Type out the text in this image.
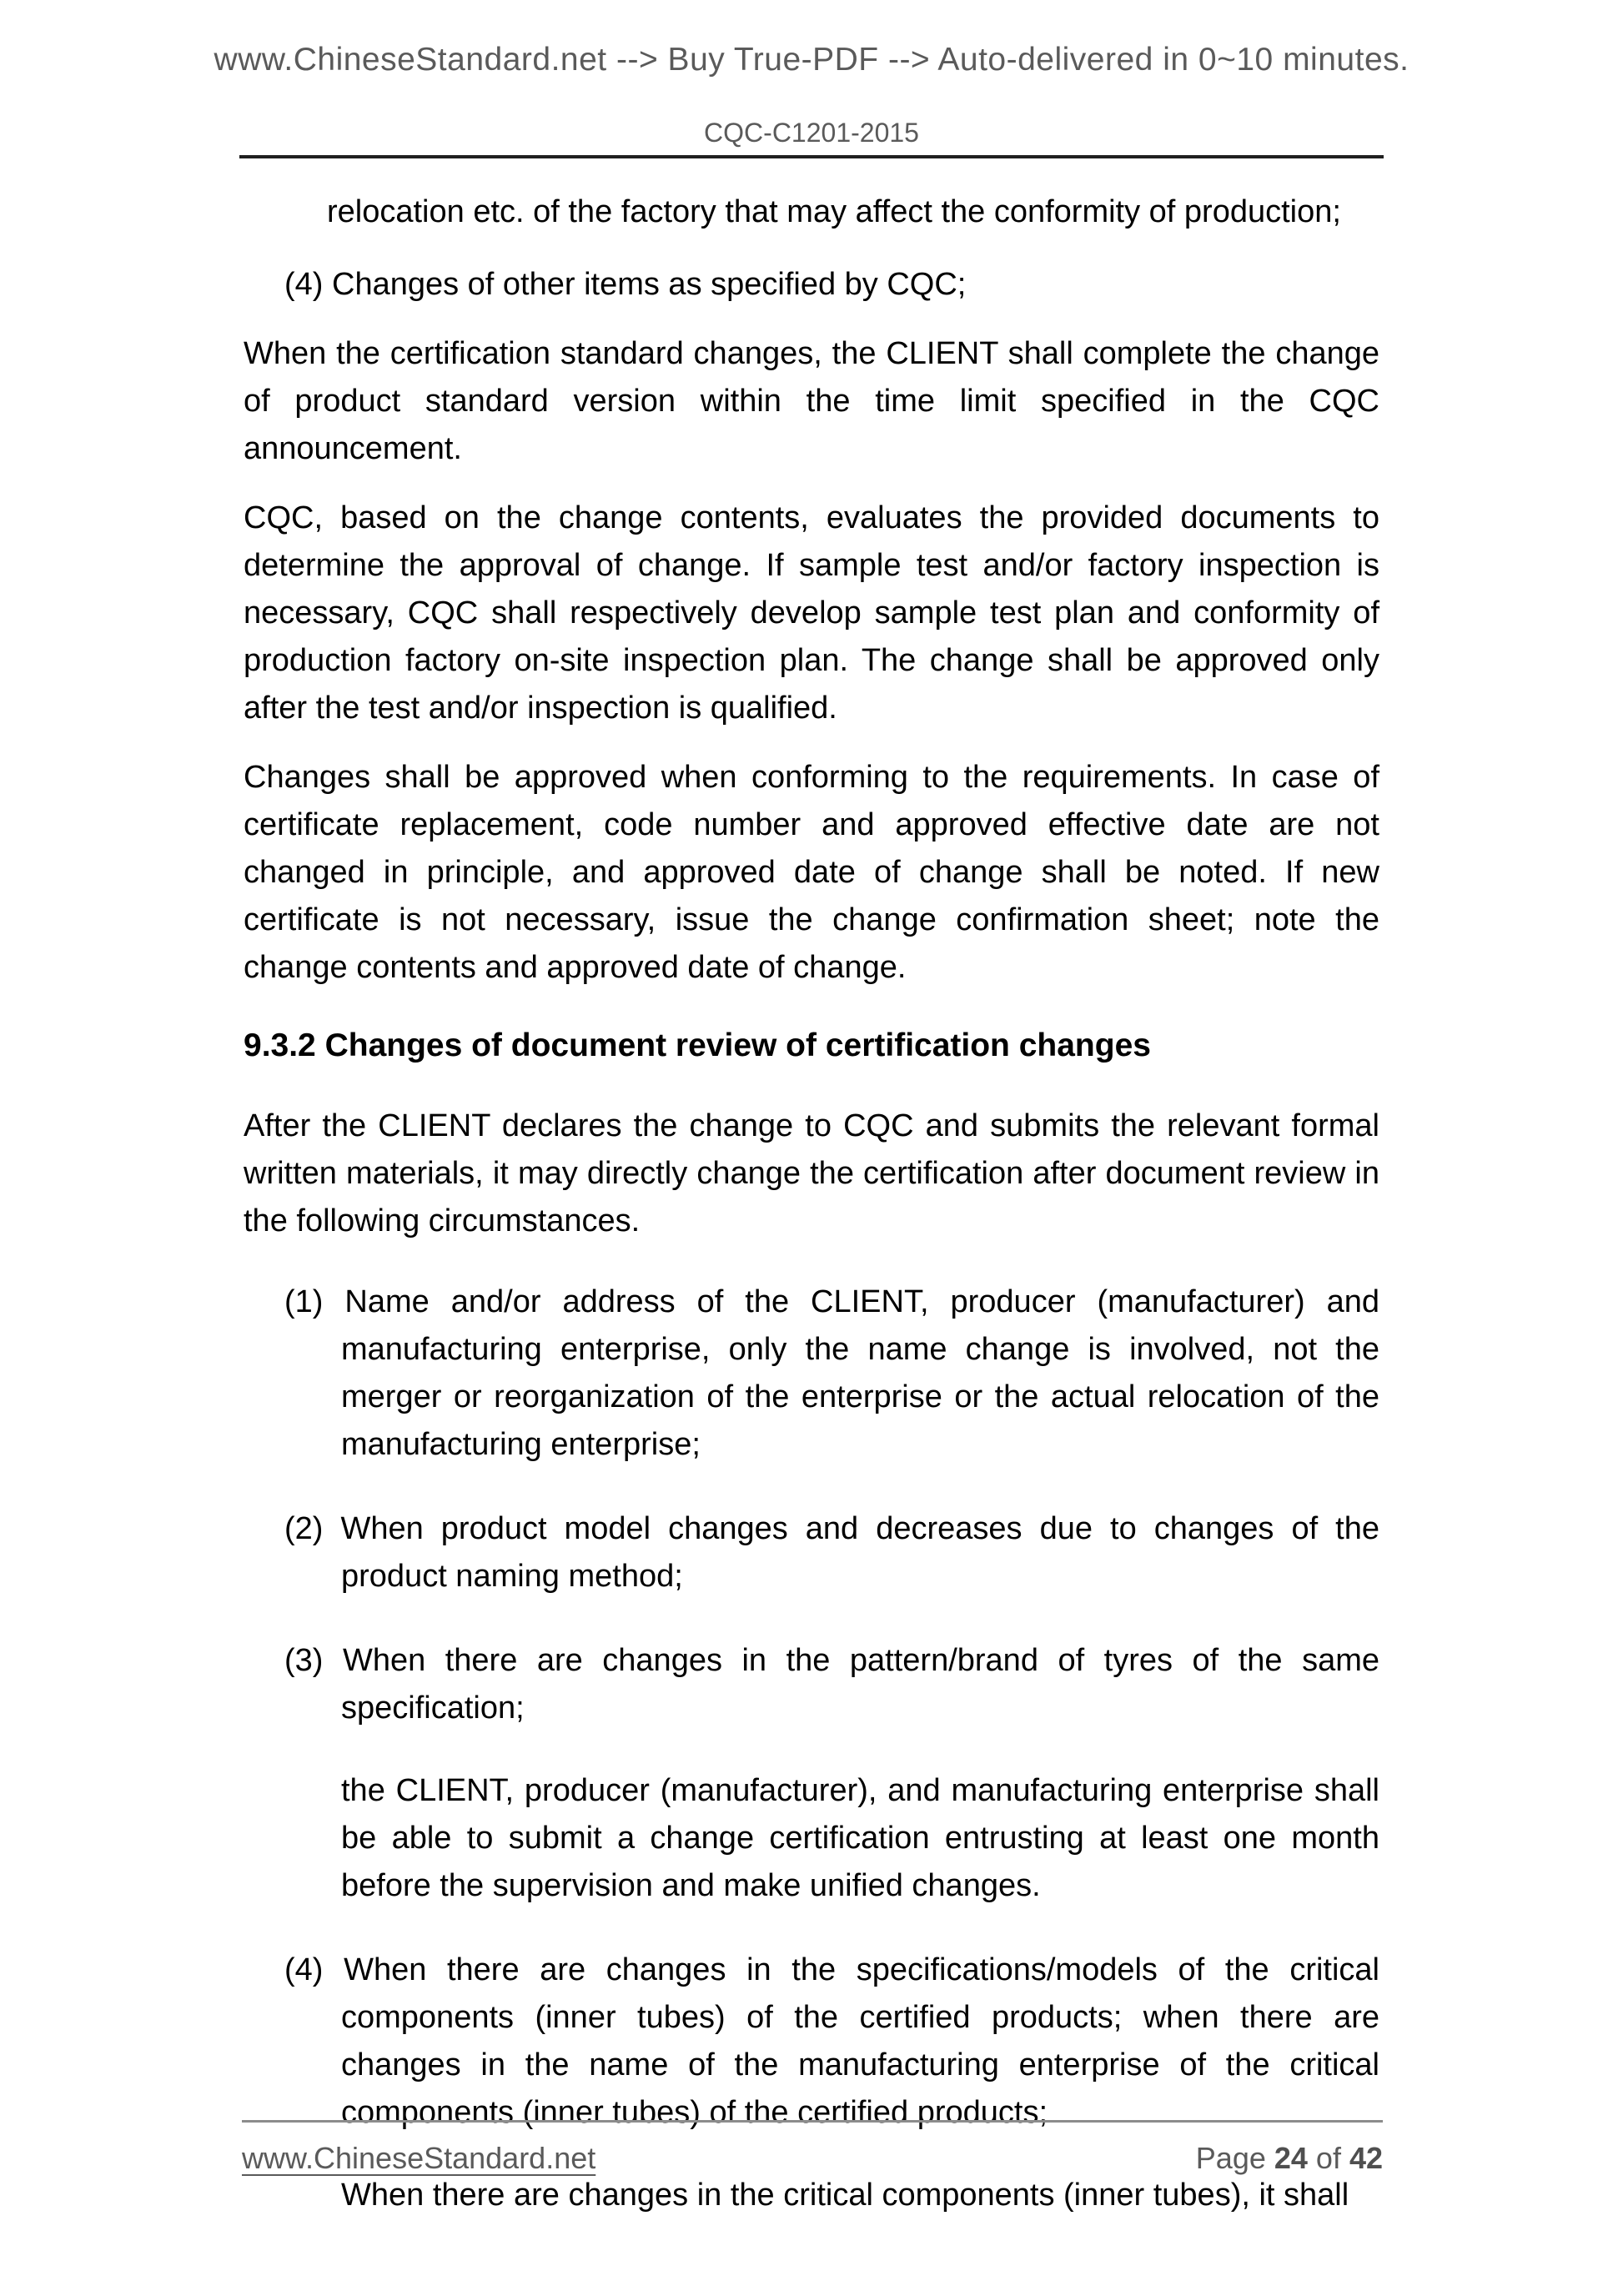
www.ChineseStandard.net --> Buy True-PDF --> Auto-delivered in 0~10 minutes.
CQC-C1201-2015
relocation etc. of the factory that may affect the conformity of production;
(4) Changes of other items as specified by CQC;
When the certification standard changes, the CLIENT shall complete the change of product standard version within the time limit specified in the CQC announcement.
CQC, based on the change contents, evaluates the provided documents to determine the approval of change. If sample test and/or factory inspection is necessary, CQC shall respectively develop sample test plan and conformity of production factory on-site inspection plan. The change shall be approved only after the test and/or inspection is qualified.
Changes shall be approved when conforming to the requirements. In case of certificate replacement, code number and approved effective date are not changed in principle, and approved date of change shall be noted. If new certificate is not necessary, issue the change confirmation sheet; note the change contents and approved date of change.
9.3.2 Changes of document review of certification changes
After the CLIENT declares the change to CQC and submits the relevant formal written materials, it may directly change the certification after document review in the following circumstances.
(1) Name and/or address of the CLIENT, producer (manufacturer) and manufacturing enterprise, only the name change is involved, not the merger or reorganization of the enterprise or the actual relocation of the manufacturing enterprise;
(2) When product model changes and decreases due to changes of the product naming method;
(3) When there are changes in the pattern/brand of tyres of the same specification;
the CLIENT, producer (manufacturer), and manufacturing enterprise shall be able to submit a change certification entrusting at least one month before the supervision and make unified changes.
(4) When there are changes in the specifications/models of the critical components (inner tubes) of the certified products; when there are changes in the name of the manufacturing enterprise of the critical components (inner tubes) of the certified products;
When there are changes in the critical components (inner tubes), it shall
www.ChineseStandard.net	Page 24 of 42
